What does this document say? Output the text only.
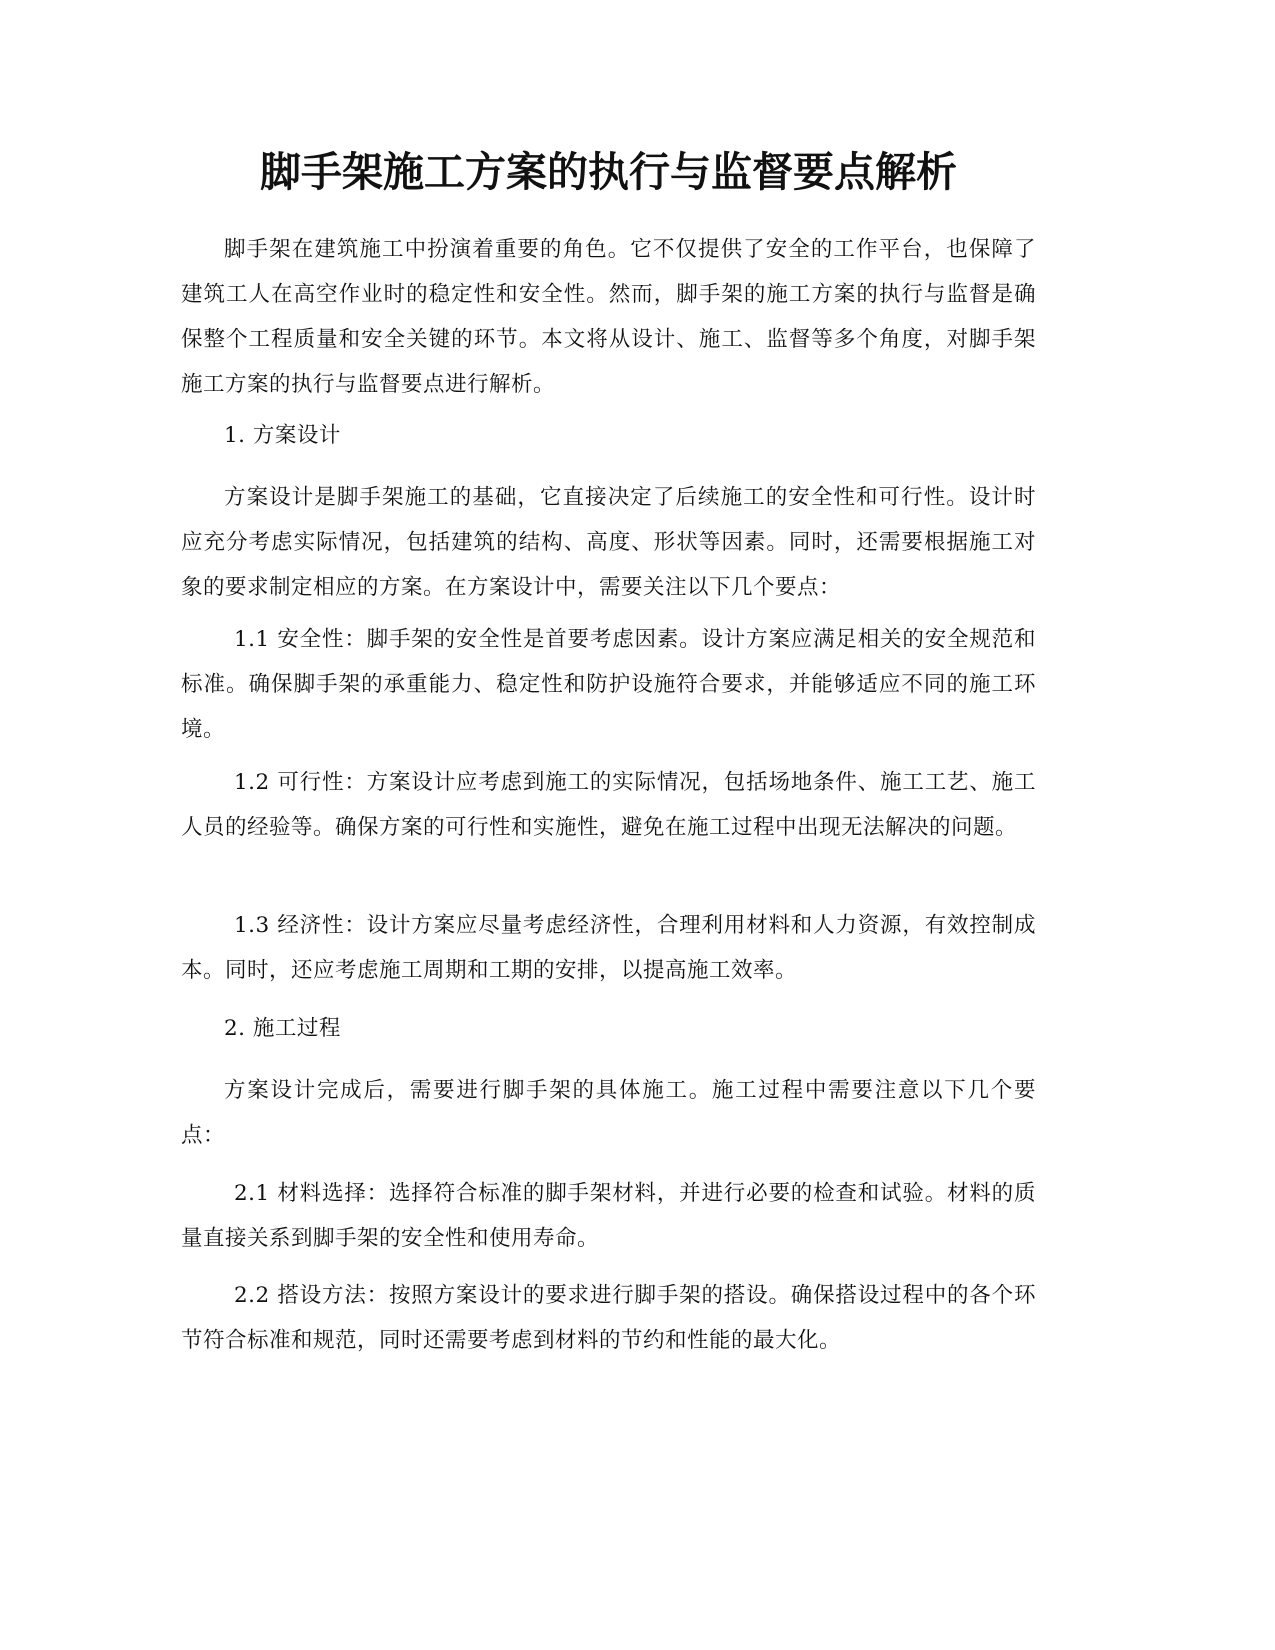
脚手架施工方案的执行与监督要点解析

脚手架在建筑施工中扮演着重要的角色。它不仅提供了安全的工作平台，也保障了建筑工人在高空作业时的稳定性和安全性。然而，脚手架的施工方案的执行与监督是确保整个工程质量和安全关键的环节。本文将从设计、施工、监督等多个角度，对脚手架施工方案的执行与监督要点进行解析。

1. 方案设计

方案设计是脚手架施工的基础，它直接决定了后续施工的安全性和可行性。设计时应充分考虑实际情况，包括建筑的结构、高度、形状等因素。同时，还需要根据施工对象的要求制定相应的方案。在方案设计中，需要关注以下几个要点：

1.1 安全性：脚手架的安全性是首要考虑因素。设计方案应满足相关的安全规范和标准。确保脚手架的承重能力、稳定性和防护设施符合要求，并能够适应不同的施工环境。

1.2 可行性：方案设计应考虑到施工的实际情况，包括场地条件、施工工艺、施工人员的经验等。确保方案的可行性和实施性，避免在施工过程中出现无法解决的问题。

1.3 经济性：设计方案应尽量考虑经济性，合理利用材料和人力资源，有效控制成本。同时，还应考虑施工周期和工期的安排，以提高施工效率。

2. 施工过程

方案设计完成后，需要进行脚手架的具体施工。施工过程中需要注意以下几个要点：

2.1 材料选择：选择符合标准的脚手架材料，并进行必要的检查和试验。材料的质量直接关系到脚手架的安全性和使用寿命。

2.2 搭设方法：按照方案设计的要求进行脚手架的搭设。确保搭设过程中的各个环节符合标准和规范，同时还需要考虑到材料的节约和性能的最大化。
